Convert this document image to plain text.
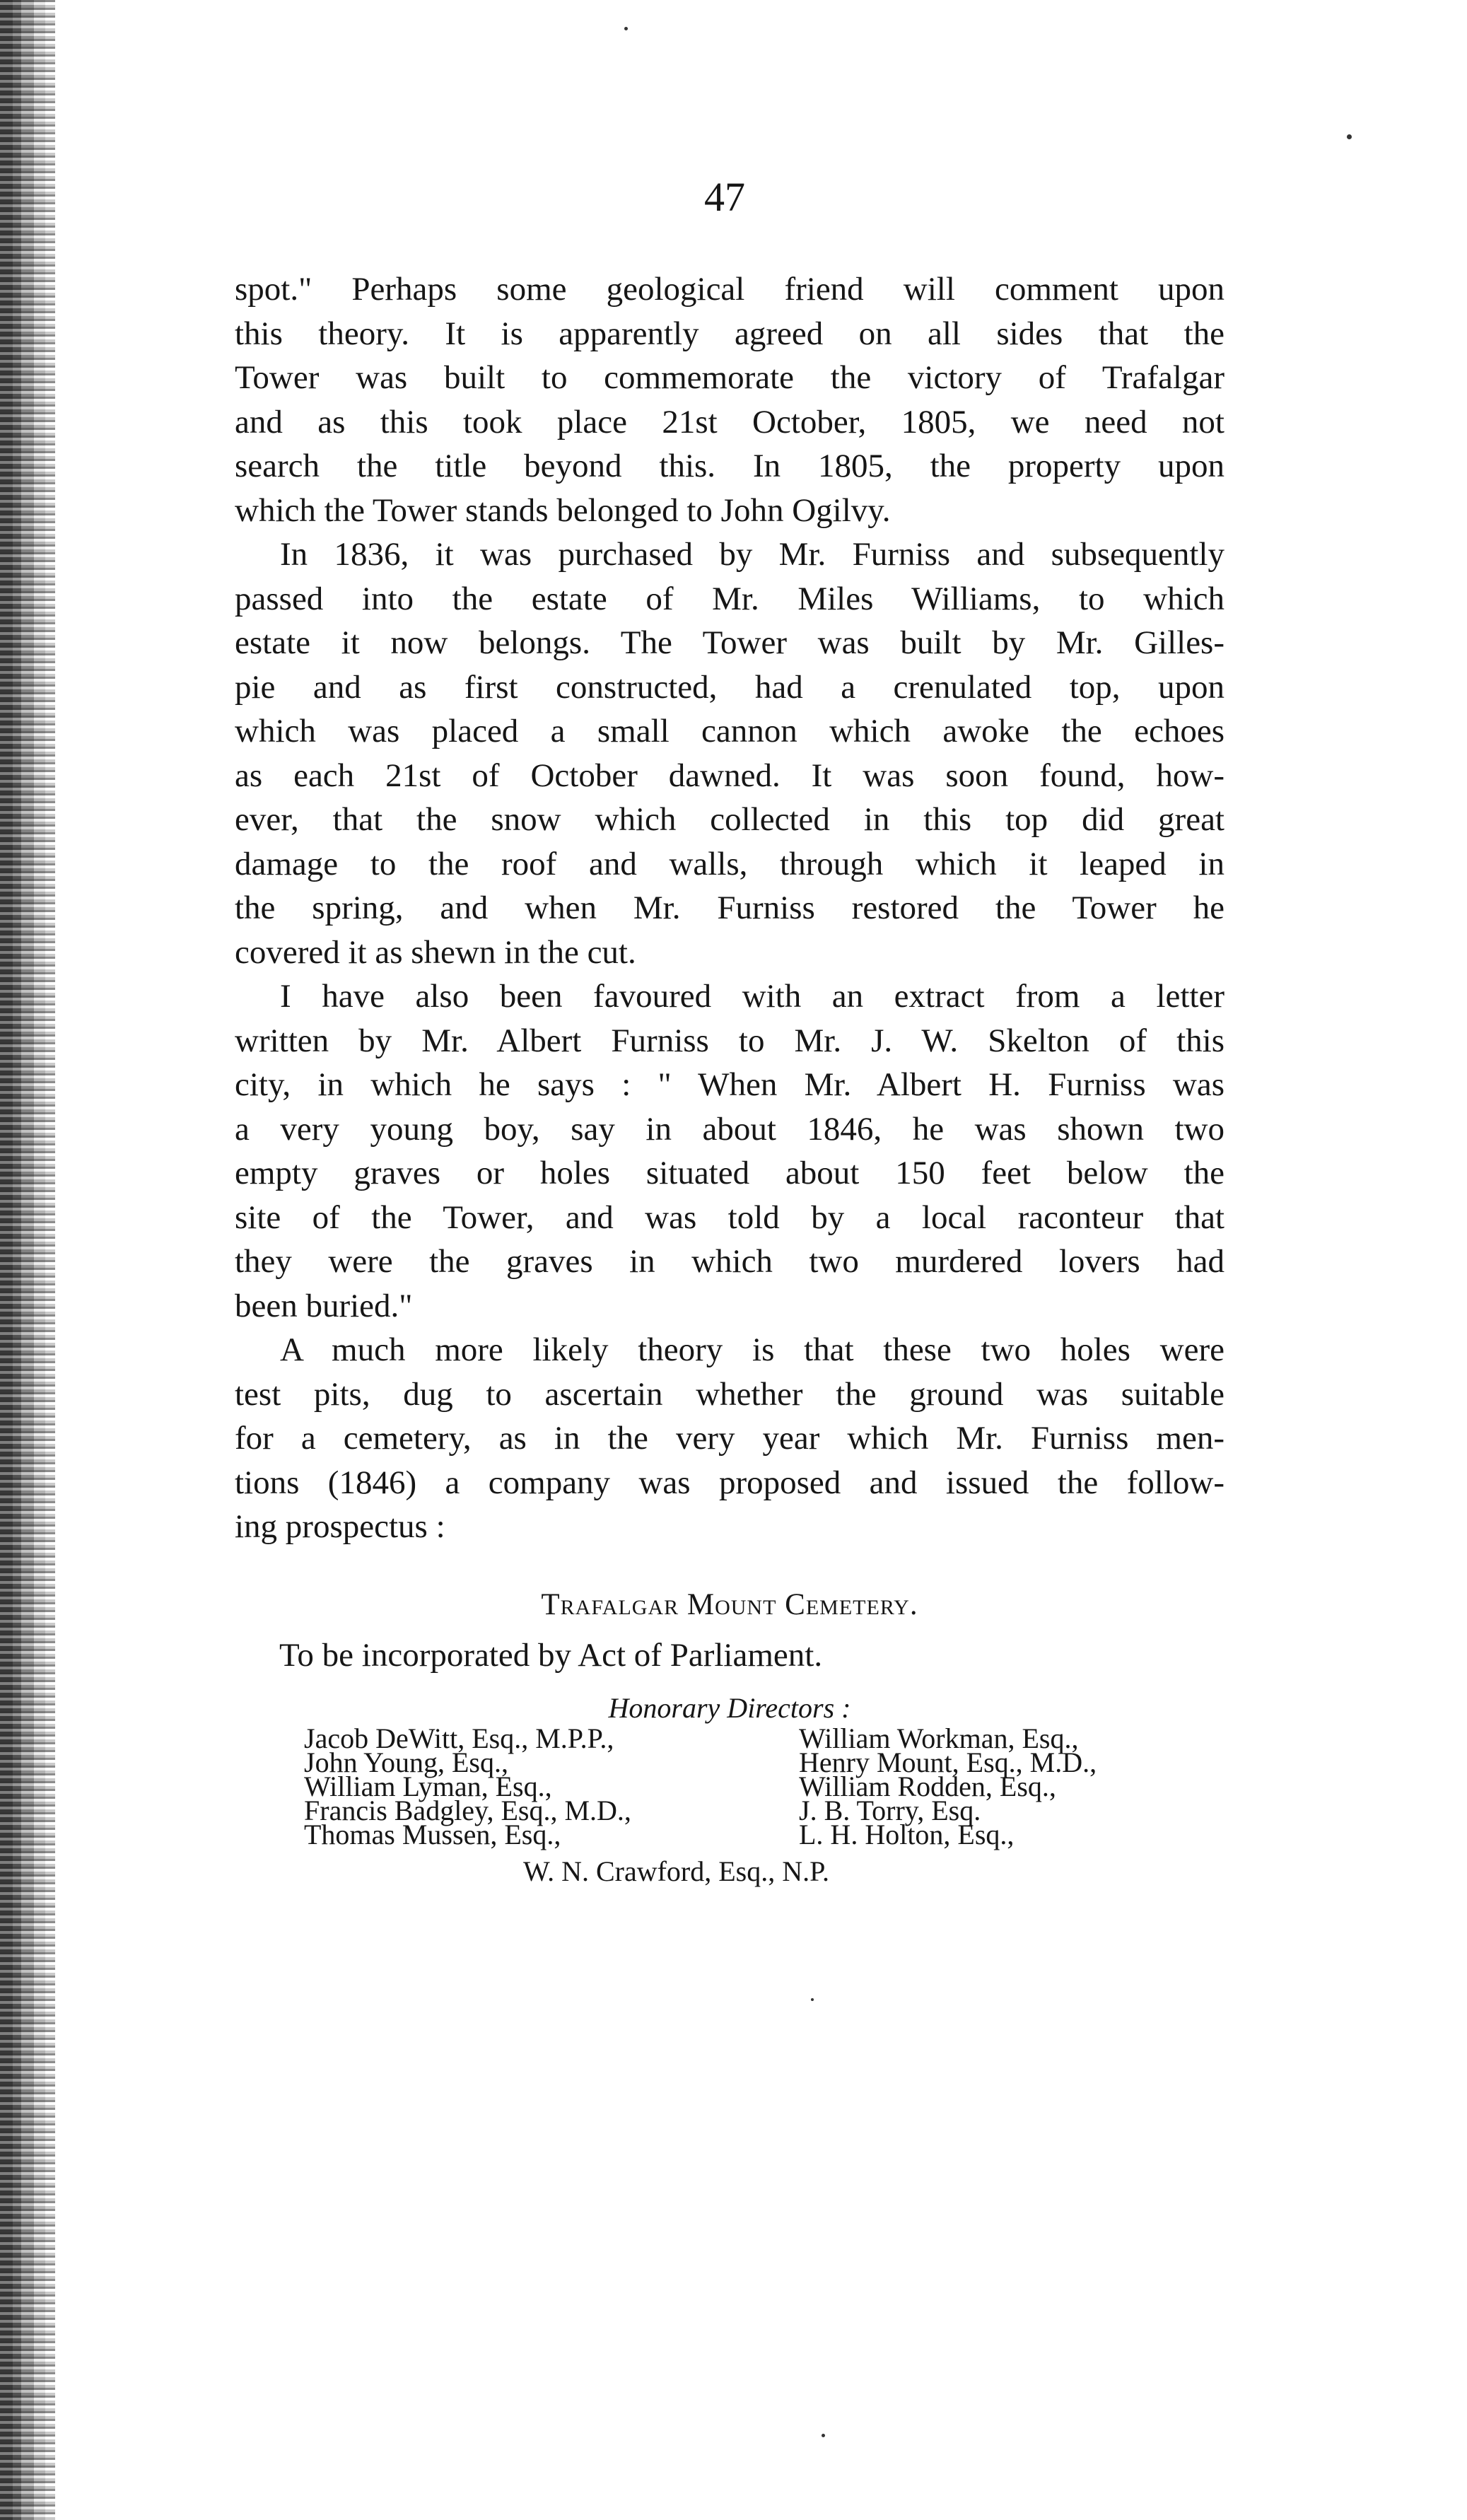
47
spot." Perhaps some geological friend will comment upon
this theory. It is apparently agreed on all sides that the
Tower was built to commemorate the victory of Trafalgar
and as this took place 21st October, 1805, we need not
search the title beyond this. In 1805, the property upon
which the Tower stands belonged to John Ogilvy.
In 1836, it was purchased by Mr. Furniss and subsequently
passed into the estate of Mr. Miles Williams, to which
estate it now belongs. The Tower was built by Mr. Gilles-
pie and as first constructed, had a crenulated top, upon
which was placed a small cannon which awoke the echoes
as each 21st of October dawned. It was soon found, how-
ever, that the snow which collected in this top did great
damage to the roof and walls, through which it leaped in
the spring, and when Mr. Furniss restored the Tower he
covered it as shewn in the cut.
I have also been favoured with an extract from a letter
written by Mr. Albert Furniss to Mr. J. W. Skelton of this
city, in which he says : " When Mr. Albert H. Furniss was
a very young boy, say in about 1846, he was shown two
empty graves or holes situated about 150 feet below the
site of the Tower, and was told by a local raconteur that
they were the graves in which two murdered lovers had
been buried."
A much more likely theory is that these two holes were
test pits, dug to ascertain whether the ground was suitable
for a cemetery, as in the very year which Mr. Furniss men-
tions (1846) a company was proposed and issued the follow-
ing prospectus :
Trafalgar Mount Cemetery.
To be incorporated by Act of Parliament.
Honorary Directors :
Jacob DeWitt, Esq., M.P.P.,	William Workman, Esq.,
John Young, Esq.,	Henry Mount, Esq., M.D.,
William Lyman, Esq.,	William Rodden, Esq.,
Francis Badgley, Esq., M.D.,	J. B. Torry, Esq.
Thomas Mussen, Esq.,	L. H. Holton, Esq.,
W. N. Crawford, Esq., N.P.
